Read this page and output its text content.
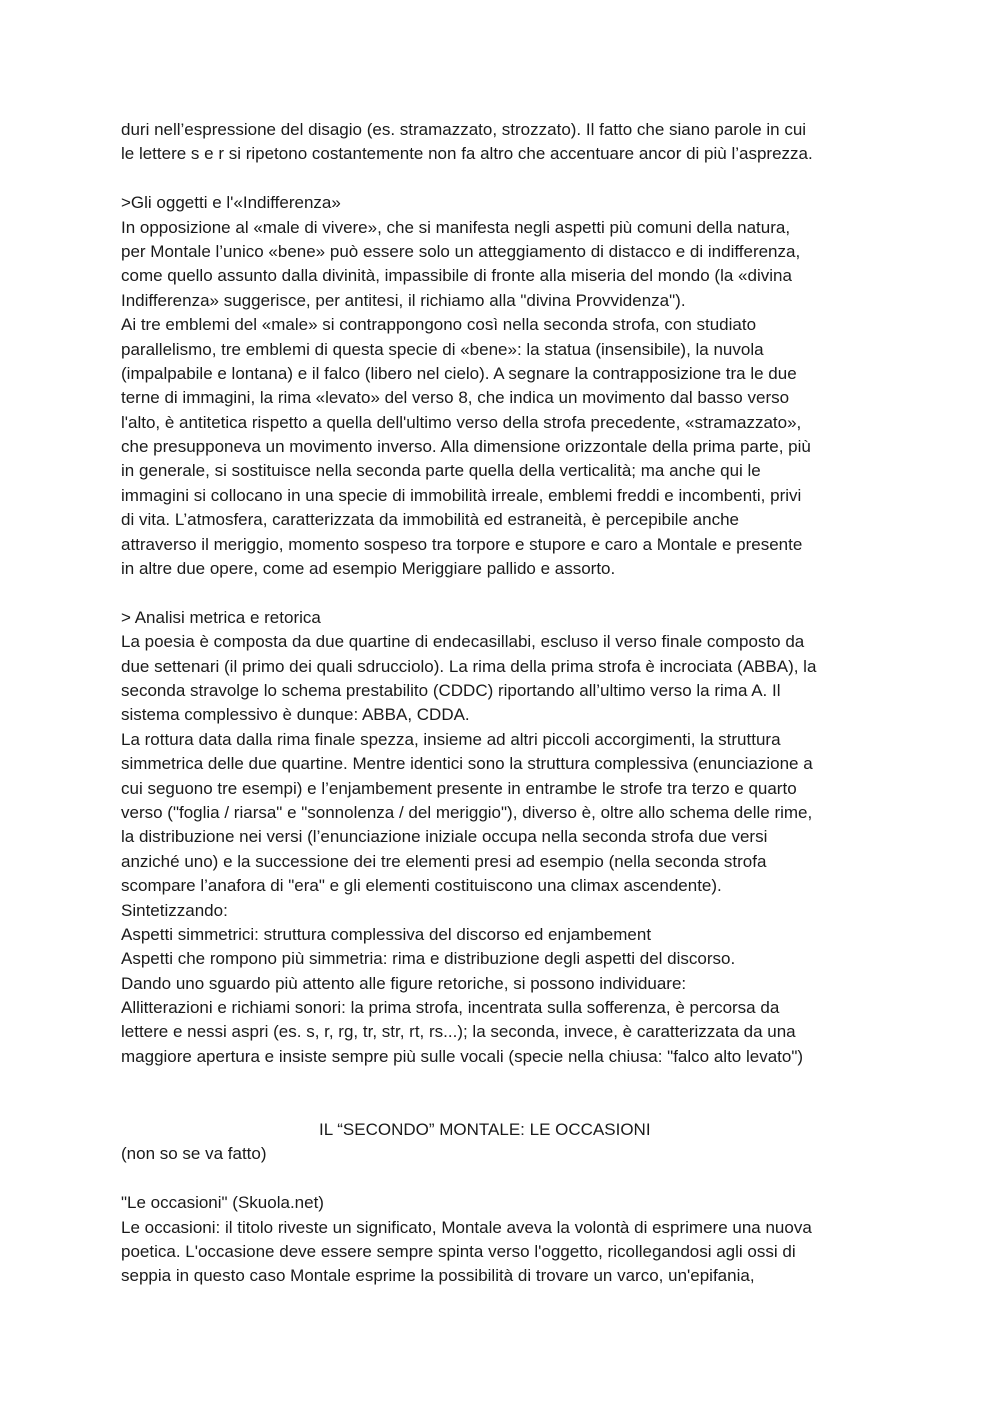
duri nell’espressione del disagio (es. stramazzato, strozzato). Il fatto che siano parole in cui
le lettere s e r si ripetono costantemente non fa altro che accentuare ancor di più l’asprezza.
>Gli oggetti e l'«Indifferenza»
In opposizione al «male di vivere», che si manifesta negli aspetti più comuni della natura,
per Montale l’unico «bene» può essere solo un atteggiamento di distacco e di indifferenza,
come quello assunto dalla divinità, impassibile di fronte alla miseria del mondo (la «divina
Indifferenza» suggerisce, per antitesi, il richiamo alla "divina Provvidenza").
Ai tre emblemi del «male» si contrappongono così nella seconda strofa, con studiato
parallelismo, tre emblemi di questa specie di «bene»: la statua (insensibile), la nuvola
(impalpabile e lontana) e il falco (libero nel cielo). A segnare la contrapposizione tra le due
terne di immagini, la rima «levato» del verso 8, che indica un movimento dal basso verso
l'alto, è antitetica rispetto a quella dell'ultimo verso della strofa precedente, «stramazzato»,
che presupponeva un movimento inverso. Alla dimensione orizzontale della prima parte, più
in generale, si sostituisce nella seconda parte quella della verticalità; ma anche qui le
immagini si collocano in una specie di immobilità irreale, emblemi freddi e incombenti, privi
di vita. L’atmosfera, caratterizzata da immobilità ed estraneità, è percepibile anche
attraverso il meriggio, momento sospeso tra torpore e stupore e caro a Montale e presente
in altre due opere, come ad esempio Meriggiare pallido e assorto.
> Analisi metrica e retorica
La poesia è composta da due quartine di endecasillabi, escluso il verso finale composto da
due settenari (il primo dei quali sdrucciolo). La rima della prima strofa è incrociata (ABBA), la
seconda stravolge lo schema prestabilito (CDDC) riportando all’ultimo verso la rima A. Il
sistema complessivo è dunque: ABBA, CDDA.
La rottura data dalla rima finale spezza, insieme ad altri piccoli accorgimenti, la struttura
simmetrica delle due quartine. Mentre identici sono la struttura complessiva (enunciazione a
cui seguono tre esempi) e l’enjambement presente in entrambe le strofe tra terzo e quarto
verso ("foglia / riarsa" e "sonnolenza / del meriggio"), diverso è, oltre allo schema delle rime,
la distribuzione nei versi (l’enunciazione iniziale occupa nella seconda strofa due versi
anziché uno) e la successione dei tre elementi presi ad esempio (nella seconda strofa
scompare l’anafora di "era" e gli elementi costituiscono una climax ascendente).
Sintetizzando:
Aspetti simmetrici: struttura complessiva del discorso ed enjambement
Aspetti che rompono più simmetria: rima e distribuzione degli aspetti del discorso.
Dando uno sguardo più attento alle figure retoriche, si possono individuare:
Allitterazioni e richiami sonori: la prima strofa, incentrata sulla sofferenza, è percorsa da
lettere e nessi aspri (es. s, r, rg, tr, str, rt, rs...); la seconda, invece, è caratterizzata da una
maggiore apertura e insiste sempre più sulle vocali (specie nella chiusa: "falco alto levato")
IL “SECONDO” MONTALE: LE OCCASIONI
(non so se va fatto)
"Le occasioni" (Skuola.net)
Le occasioni: il titolo riveste un significato, Montale aveva la volontà di esprimere una nuova
poetica. L'occasione deve essere sempre spinta verso l'oggetto, ricollegandosi agli ossi di
seppia in questo caso Montale esprime la possibilità di trovare un varco, un'epifania,
